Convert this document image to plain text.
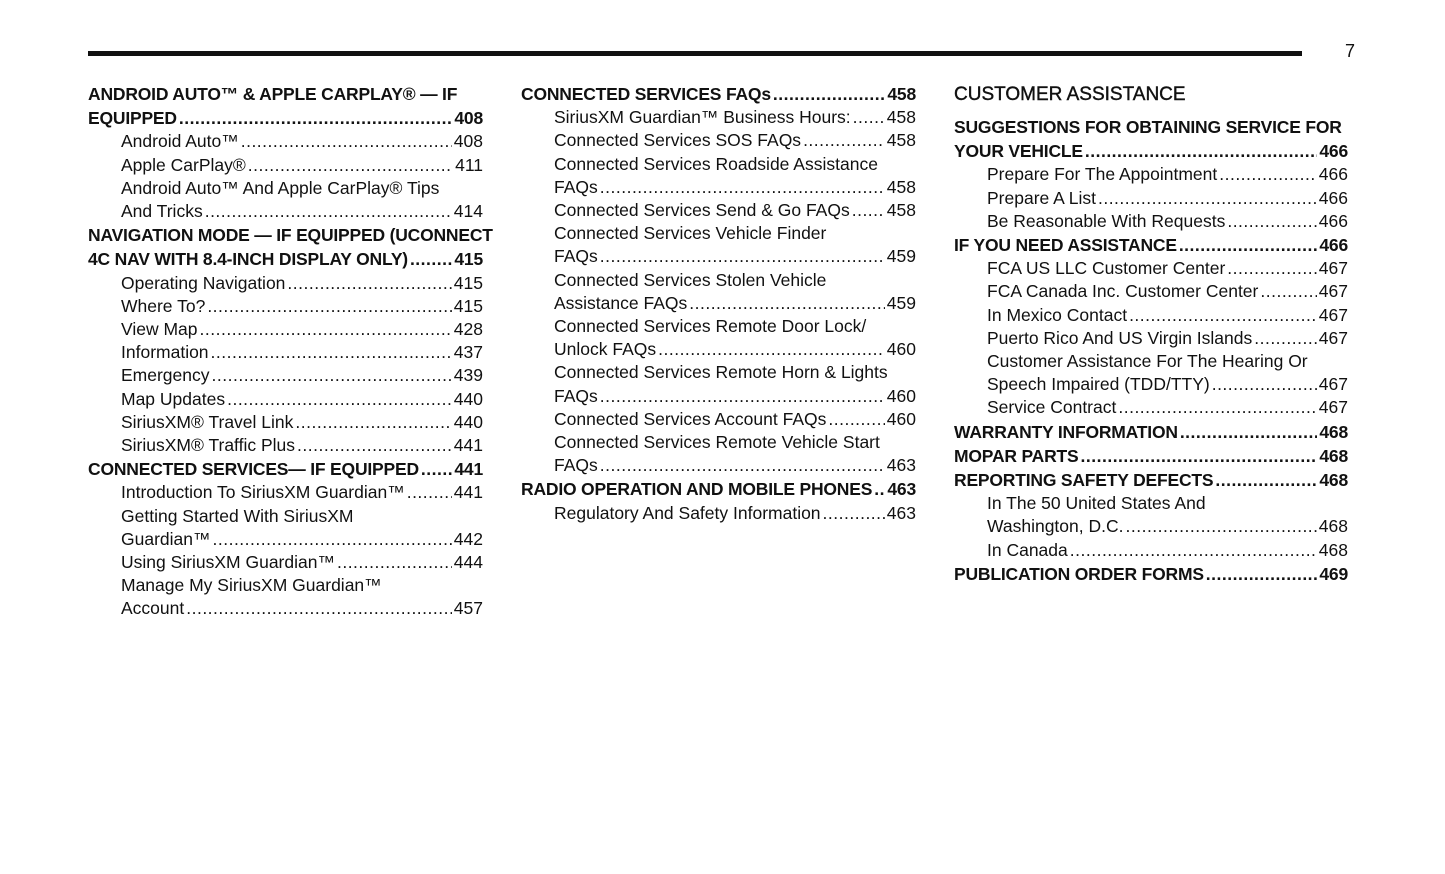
7
ANDROID AUTO™ & APPLE CARPLAY® — IF
EQUIPPED .....	408
Android Auto™ .....	408
Apple CarPlay® .....	411
Android Auto™ And Apple CarPlay® Tips
And Tricks .....	414
NAVIGATION MODE — IF EQUIPPED (UCONNECT
4C NAV WITH 8.4-INCH DISPLAY ONLY) .....	415
Operating Navigation .....	415
Where To? .....	415
View Map .....	428
Information .....	437
Emergency .....	439
Map Updates .....	440
SiriusXM® Travel Link .....	440
SiriusXM® Traffic Plus .....	441
CONNECTED SERVICES— IF EQUIPPED ..... 441
Introduction To SiriusXM Guardian™ .....	441
Getting Started With SiriusXM
Guardian™ .....	442
Using SiriusXM Guardian™ .....	444
Manage My SiriusXM Guardian™
Account .....	457
CONNECTED SERVICES FAQs .....	458
SiriusXM Guardian™ Business Hours: ..... 458
Connected Services SOS FAQs .....	458
Connected Services Roadside Assistance
FAQs .....	458
Connected Services Send & Go FAQs ..... 458
Connected Services Vehicle Finder
FAQs .....	459
Connected Services Stolen Vehicle
Assistance FAQs .....	459
Connected Services Remote Door Lock/
Unlock FAQs .....	460
Connected Services Remote Horn & Lights
FAQs .....	460
Connected Services Account FAQs .....	460
Connected Services Remote Vehicle Start
FAQs .....	463
RADIO OPERATION AND MOBILE PHONES ..... 463
Regulatory And Safety Information .....	463
CUSTOMER ASSISTANCE
SUGGESTIONS FOR OBTAINING SERVICE FOR
YOUR VEHICLE .....	466
Prepare For The Appointment .....	466
Prepare A List .....	466
Be Reasonable With Requests .....	466
IF YOU NEED ASSISTANCE .....	466
FCA US LLC Customer Center .....	467
FCA Canada Inc. Customer Center .....	467
In Mexico Contact .....	467
Puerto Rico And US Virgin Islands .....	467
Customer Assistance For The Hearing Or
Speech Impaired (TDD/TTY) .....	467
Service Contract .....	467
WARRANTY INFORMATION .....	468
MOPAR PARTS .....	468
REPORTING SAFETY DEFECTS .....	468
In The 50 United States And
Washington, D.C. .....	468
In Canada .....	468
PUBLICATION ORDER FORMS .....	469
